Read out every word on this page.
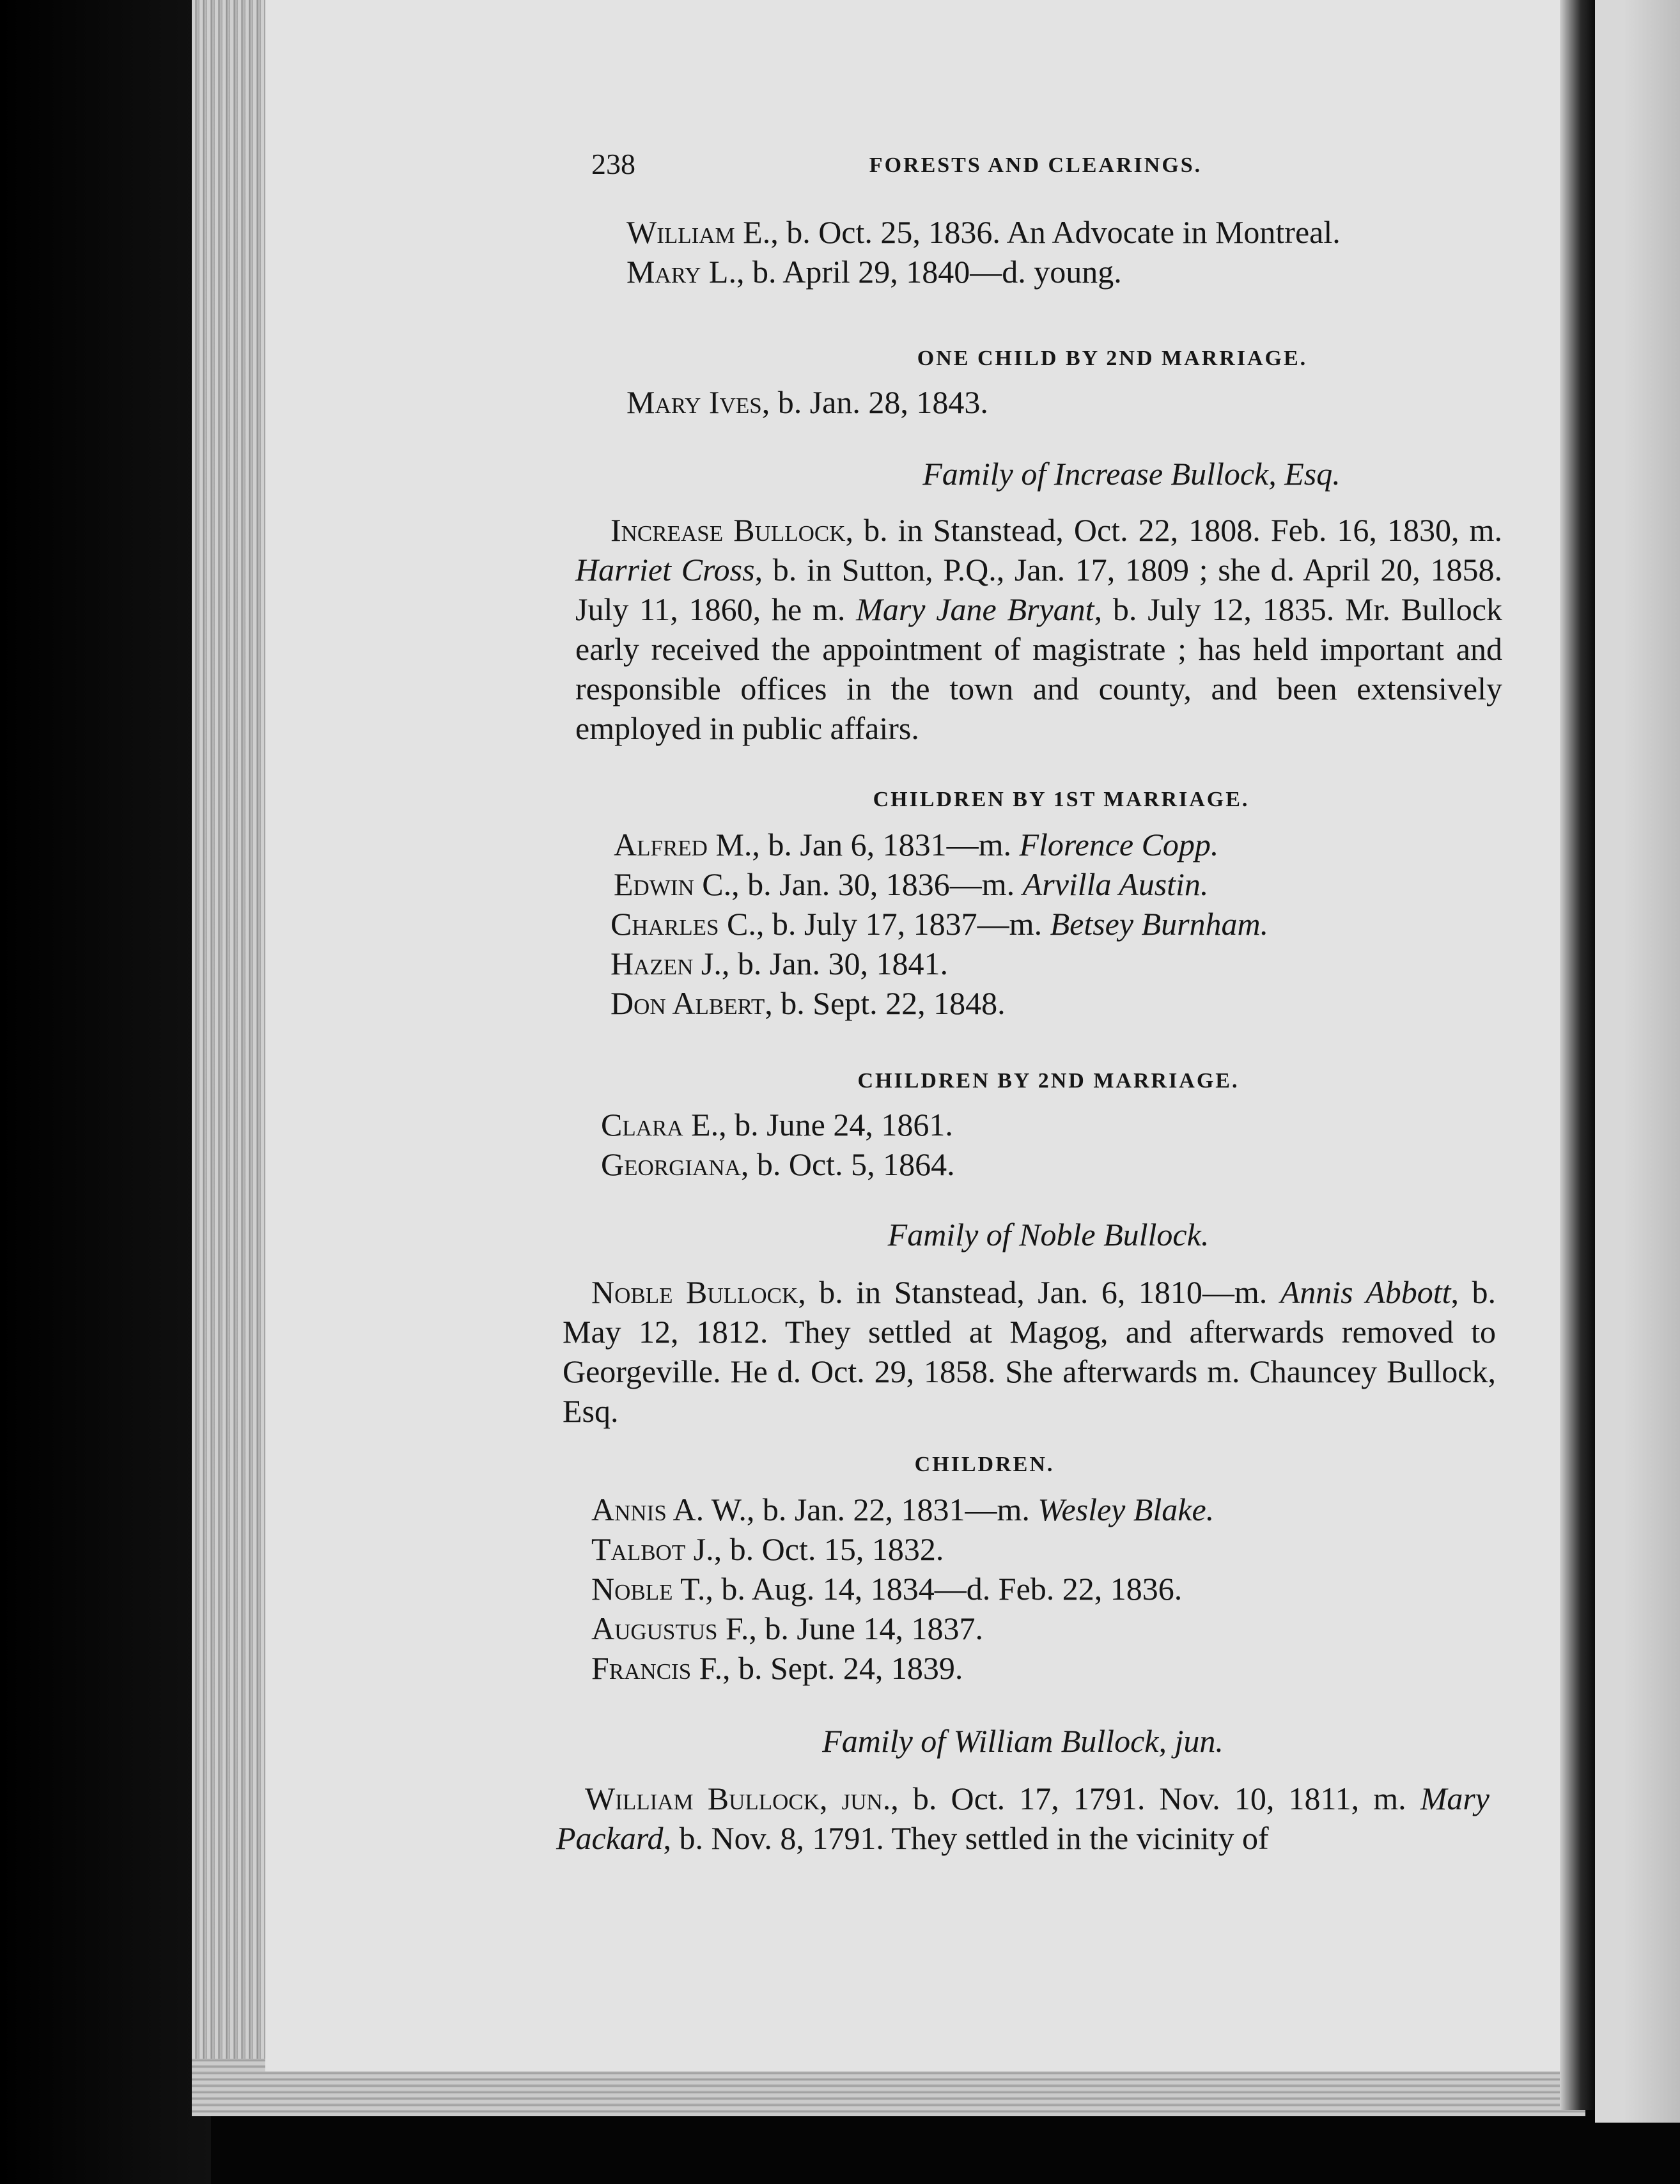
238	FORESTS AND CLEARINGS.
William E., b. Oct. 25, 1836. An Advocate in Montreal.
Mary L., b. April 29, 1840—d. young.
ONE CHILD BY 2ND MARRIAGE.
Mary Ives, b. Jan. 28, 1843.
Family of Increase Bullock, Esq.
Increase Bullock, b. in Stanstead, Oct. 22, 1808. Feb. 16, 1830, m. Harriet Cross, b. in Sutton, P.Q., Jan. 17, 1809 ; she d. April 20, 1858. July 11, 1860, he m. Mary Jane Bryant, b. July 12, 1835. Mr. Bullock early received the appointment of magistrate ; has held important and responsible offices in the town and county, and been extensively employed in public affairs.
CHILDREN BY 1ST MARRIAGE.
Alfred M., b. Jan 6, 1831—m. Florence Copp.
Edwin C., b. Jan. 30, 1836—m. Arvilla Austin.
Charles C., b. July 17, 1837—m. Betsey Burnham.
Hazen J., b. Jan. 30, 1841.
Don Albert, b. Sept. 22, 1848.
CHILDREN BY 2ND MARRIAGE.
Clara E., b. June 24, 1861.
Georgiana, b. Oct. 5, 1864.
Family of Noble Bullock.
Noble Bullock, b. in Stanstead, Jan. 6, 1810—m. Annis Abbott, b. May 12, 1812. They settled at Magog, and afterwards removed to Georgeville. He d. Oct. 29, 1858. She afterwards m. Chauncey Bullock, Esq.
CHILDREN.
Annis A. W., b. Jan. 22, 1831—m. Wesley Blake.
Talbot J., b. Oct. 15, 1832.
Noble T., b. Aug. 14, 1834—d. Feb. 22, 1836.
Augustus F., b. June 14, 1837.
Francis F., b. Sept. 24, 1839.
Family of William Bullock, jun.
William Bullock, jun., b. Oct. 17, 1791. Nov. 10, 1811, m. Mary Packard, b. Nov. 8, 1791. They settled in the vicinity of
